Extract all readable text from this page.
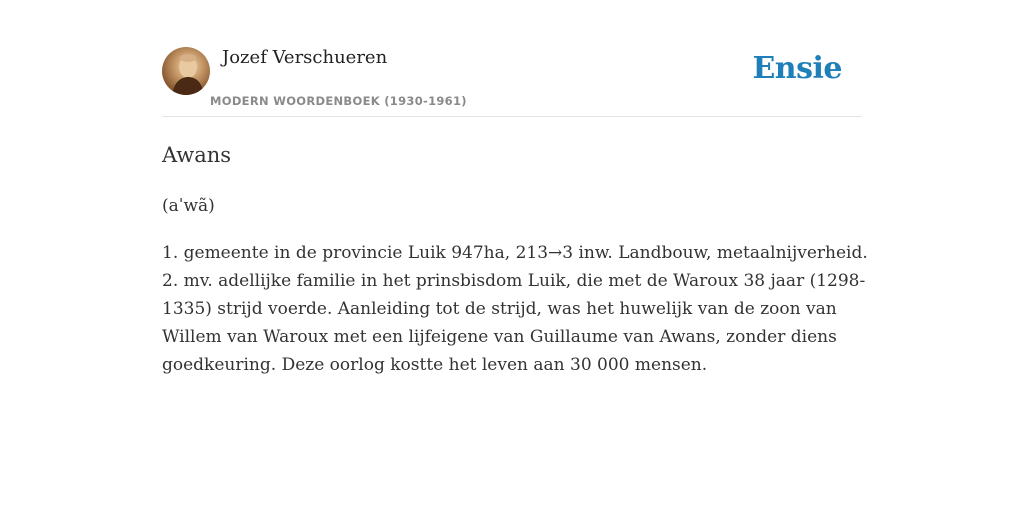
Jozef Verschueren
MODERN WOORDENBOEK (1930-1961)
Ensie
Awans
(aˈwã)
1. gemeente in de provincie Luik 947ha, 213→3 inw. Landbouw, metaalnijverheid.
2. mv. adellijke familie in het prinsbisdom Luik, die met de Waroux 38 jaar (1298-
1335) strijd voerde. Aanleiding tot de strijd, was het huwelijk van de zoon van
Willem van Waroux met een lijfeigene van Guillaume van Awans, zonder diens
goedkeuring. Deze oorlog kostte het leven aan 30 000 mensen.
